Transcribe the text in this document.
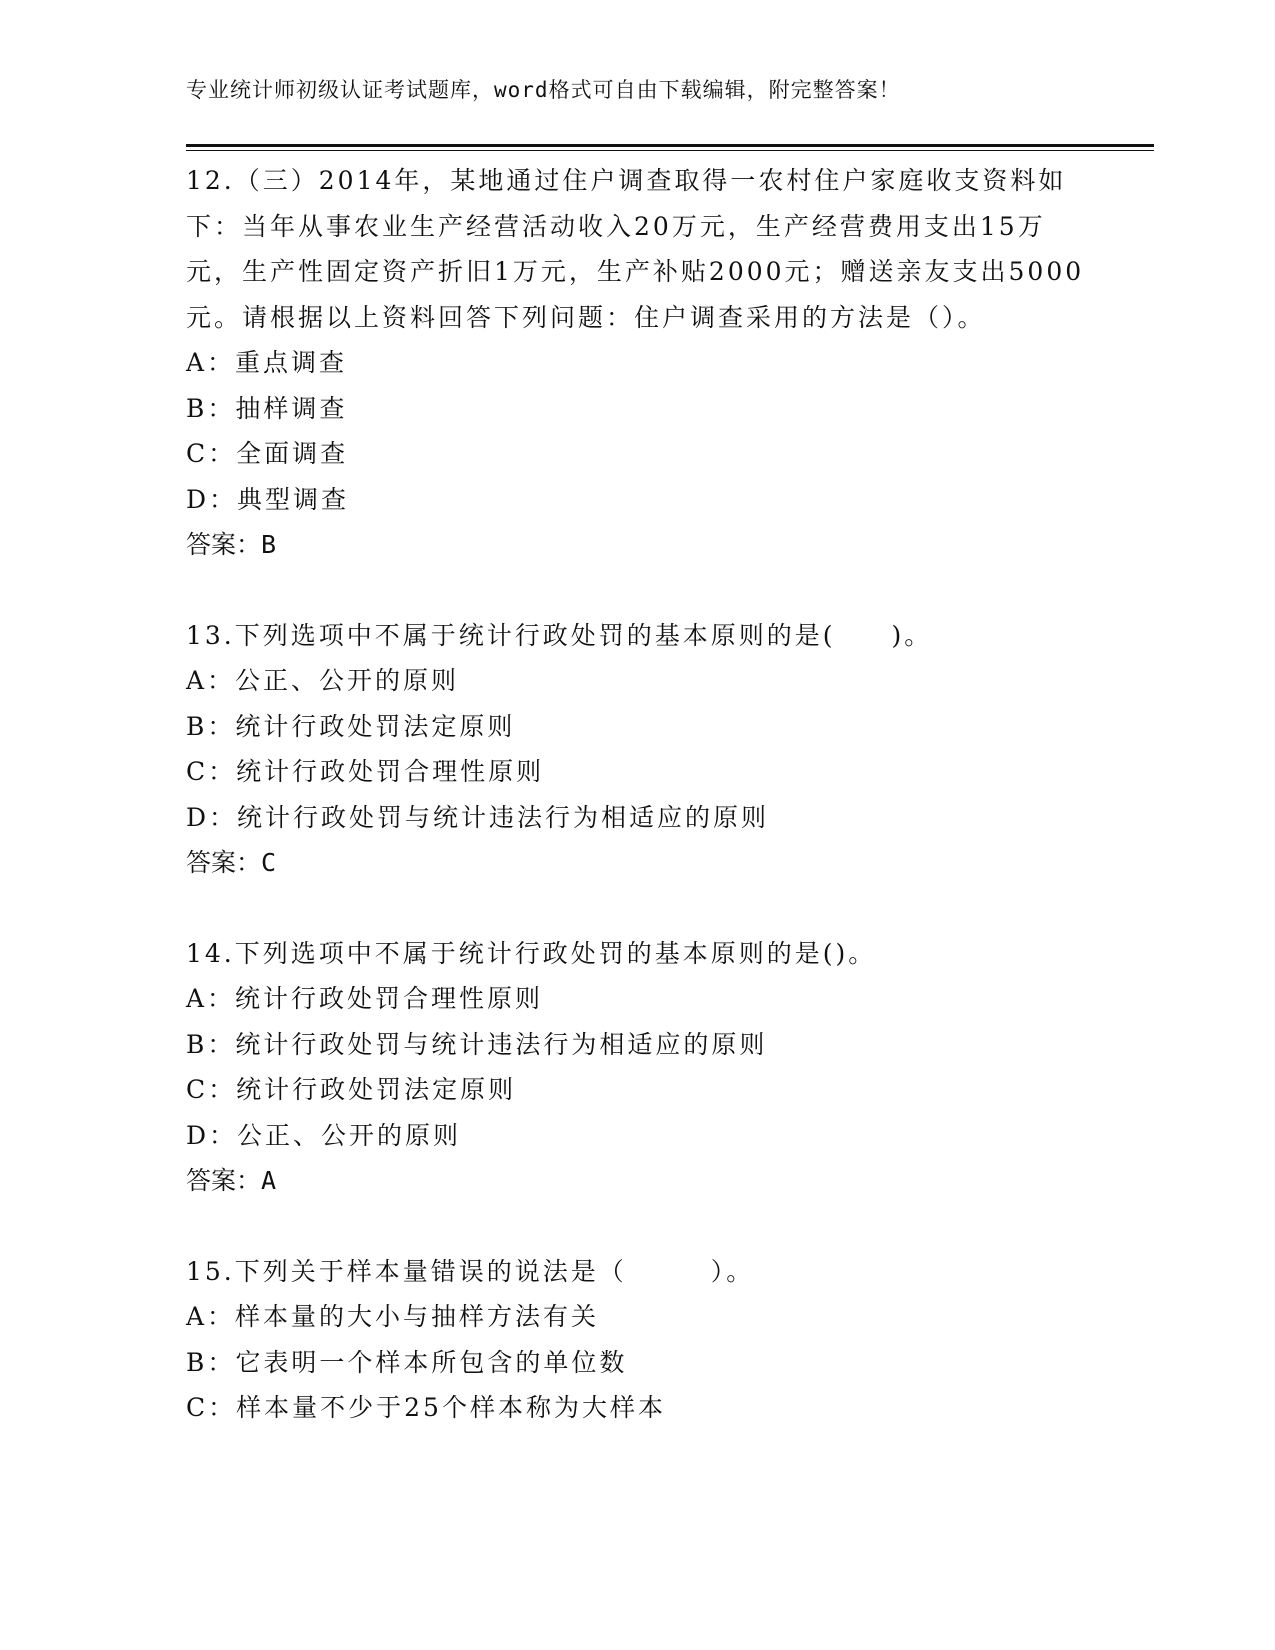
专业统计师初级认证考试题库，word格式可自由下载编辑，附完整答案！

12.（三）2014年，某地通过住户调查取得一农村住户家庭收支资料如下：当年从事农业生产经营活动收入20万元，生产经营费用支出15万元，生产性固定资产折旧1万元，生产补贴2000元；赠送亲友支出5000元。请根据以上资料回答下列问题：住户调查采用的方法是（）。

A：重点调查
B：抽样调查
C：全面调查
D：典型调查
答案：B

13.下列选项中不属于统计行政处罚的基本原则的是(　　)。

A：公正、公开的原则
B：统计行政处罚法定原则
C：统计行政处罚合理性原则
D：统计行政处罚与统计违法行为相适应的原则
答案：C

14.下列选项中不属于统计行政处罚的基本原则的是()。

A：统计行政处罚合理性原则
B：统计行政处罚与统计违法行为相适应的原则
C：统计行政处罚法定原则
D：公正、公开的原则
答案：A

15.下列关于样本量错误的说法是（　　　）。

A：样本量的大小与抽样方法有关
B：它表明一个样本所包含的单位数
C：样本量不少于25个样本称为大样本
